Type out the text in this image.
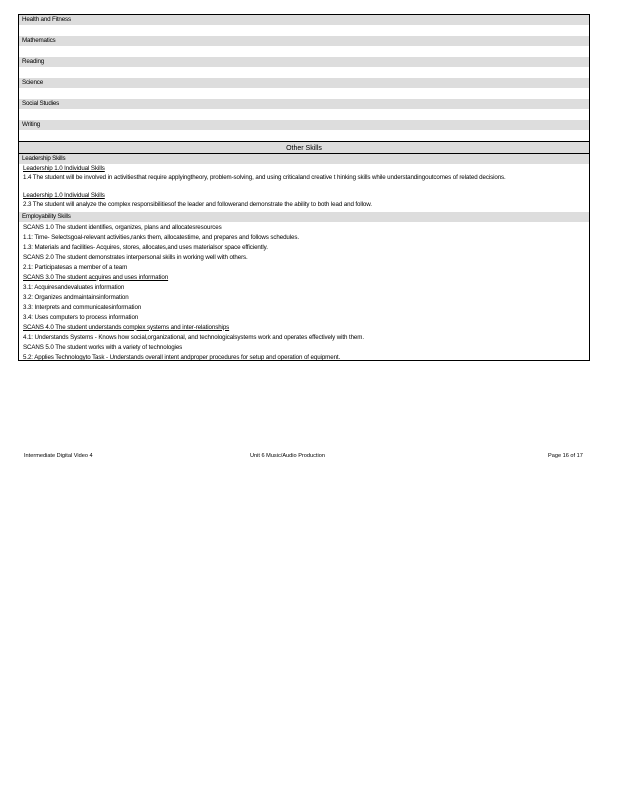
Health and Fitness
Mathematics
Reading
Science
Social Studies
Writing
Other Skills
Leadership Skills
Leadership 1.0 Individual Skills
1.4 The student will be involved in activitiesthat require applyingtheory, problem-solving, and using criticaland creative t hinking skills while understandingoutcomes of related decisions.
Leadership 1.0 Individual Skills
2.3 The student will analyze the complex responsibilitiesof the leader and followerand demonstrate the ability to both lead and follow.
Employability Skills
SCANS 1.0 The student identifies, organizes, plans and allocatesresources
1.1: Time- Selectsgoal-relevant activities,ranks them, allocatestime, and prepares and follows schedules.
1.3: Materials and facilities- Acquires, stores, allocates,and uses materialsor space efficiently.
SCANS 2.0 The student demonstrates interpersonal skills in working well with others.
2.1: Participatesas a member of a team
SCANS 3.0 The student acquires and uses information
3.1: Acquiresandevaluates information
3.2: Organizes andmaintainsinformation
3.3: Interprets and communicatesinformation
3.4: Uses computers to process information
SCANS 4.0 The student understands complex systems and inter-relationships
4.1: Understands Systems - Knows how social,organizational, and technologicalsystems work and operates effectively with them.
SCANS 5.0 The student works with a variety of technologies
5.2: Applies Technologyto Task - Understands overall intent andproper procedures for setup and operation of equipment.
Intermediate Digital Video 4	Unit 6 Music/Audio Production	Page 16 of 17
